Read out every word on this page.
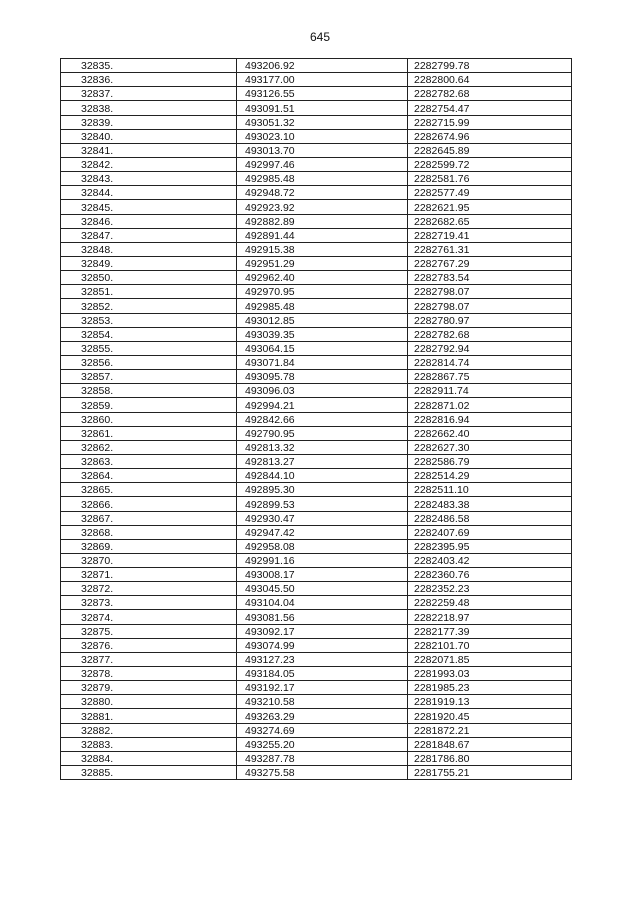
645
32835.	493206.92	2282799.78
32836.	493177.00	2282800.64
32837.	493126.55	2282782.68
32838.	493091.51	2282754.47
32839.	493051.32	2282715.99
32840.	493023.10	2282674.96
32841.	493013.70	2282645.89
32842.	492997.46	2282599.72
32843.	492985.48	2282581.76
32844.	492948.72	2282577.49
32845.	492923.92	2282621.95
32846.	492882.89	2282682.65
32847.	492891.44	2282719.41
32848.	492915.38	2282761.31
32849.	492951.29	2282767.29
32850.	492962.40	2282783.54
32851.	492970.95	2282798.07
32852.	492985.48	2282798.07
32853.	493012.85	2282780.97
32854.	493039.35	2282782.68
32855.	493064.15	2282792.94
32856.	493071.84	2282814.74
32857.	493095.78	2282867.75
32858.	493096.03	2282911.74
32859.	492994.21	2282871.02
32860.	492842.66	2282816.94
32861.	492790.95	2282662.40
32862.	492813.32	2282627.30
32863.	492813.27	2282586.79
32864.	492844.10	2282514.29
32865.	492895.30	2282511.10
32866.	492899.53	2282483.38
32867.	492930.47	2282486.58
32868.	492947.42	2282407.69
32869.	492958.08	2282395.95
32870.	492991.16	2282403.42
32871.	493008.17	2282360.76
32872.	493045.50	2282352.23
32873.	493104.04	2282259.48
32874.	493081.56	2282218.97
32875.	493092.17	2282177.39
32876.	493074.99	2282101.70
32877.	493127.23	2282071.85
32878.	493184.05	2281993.03
32879.	493192.17	2281985.23
32880.	493210.58	2281919.13
32881.	493263.29	2281920.45
32882.	493274.69	2281872.21
32883.	493255.20	2281848.67
32884.	493287.78	2281786.80
32885.	493275.58	2281755.21
